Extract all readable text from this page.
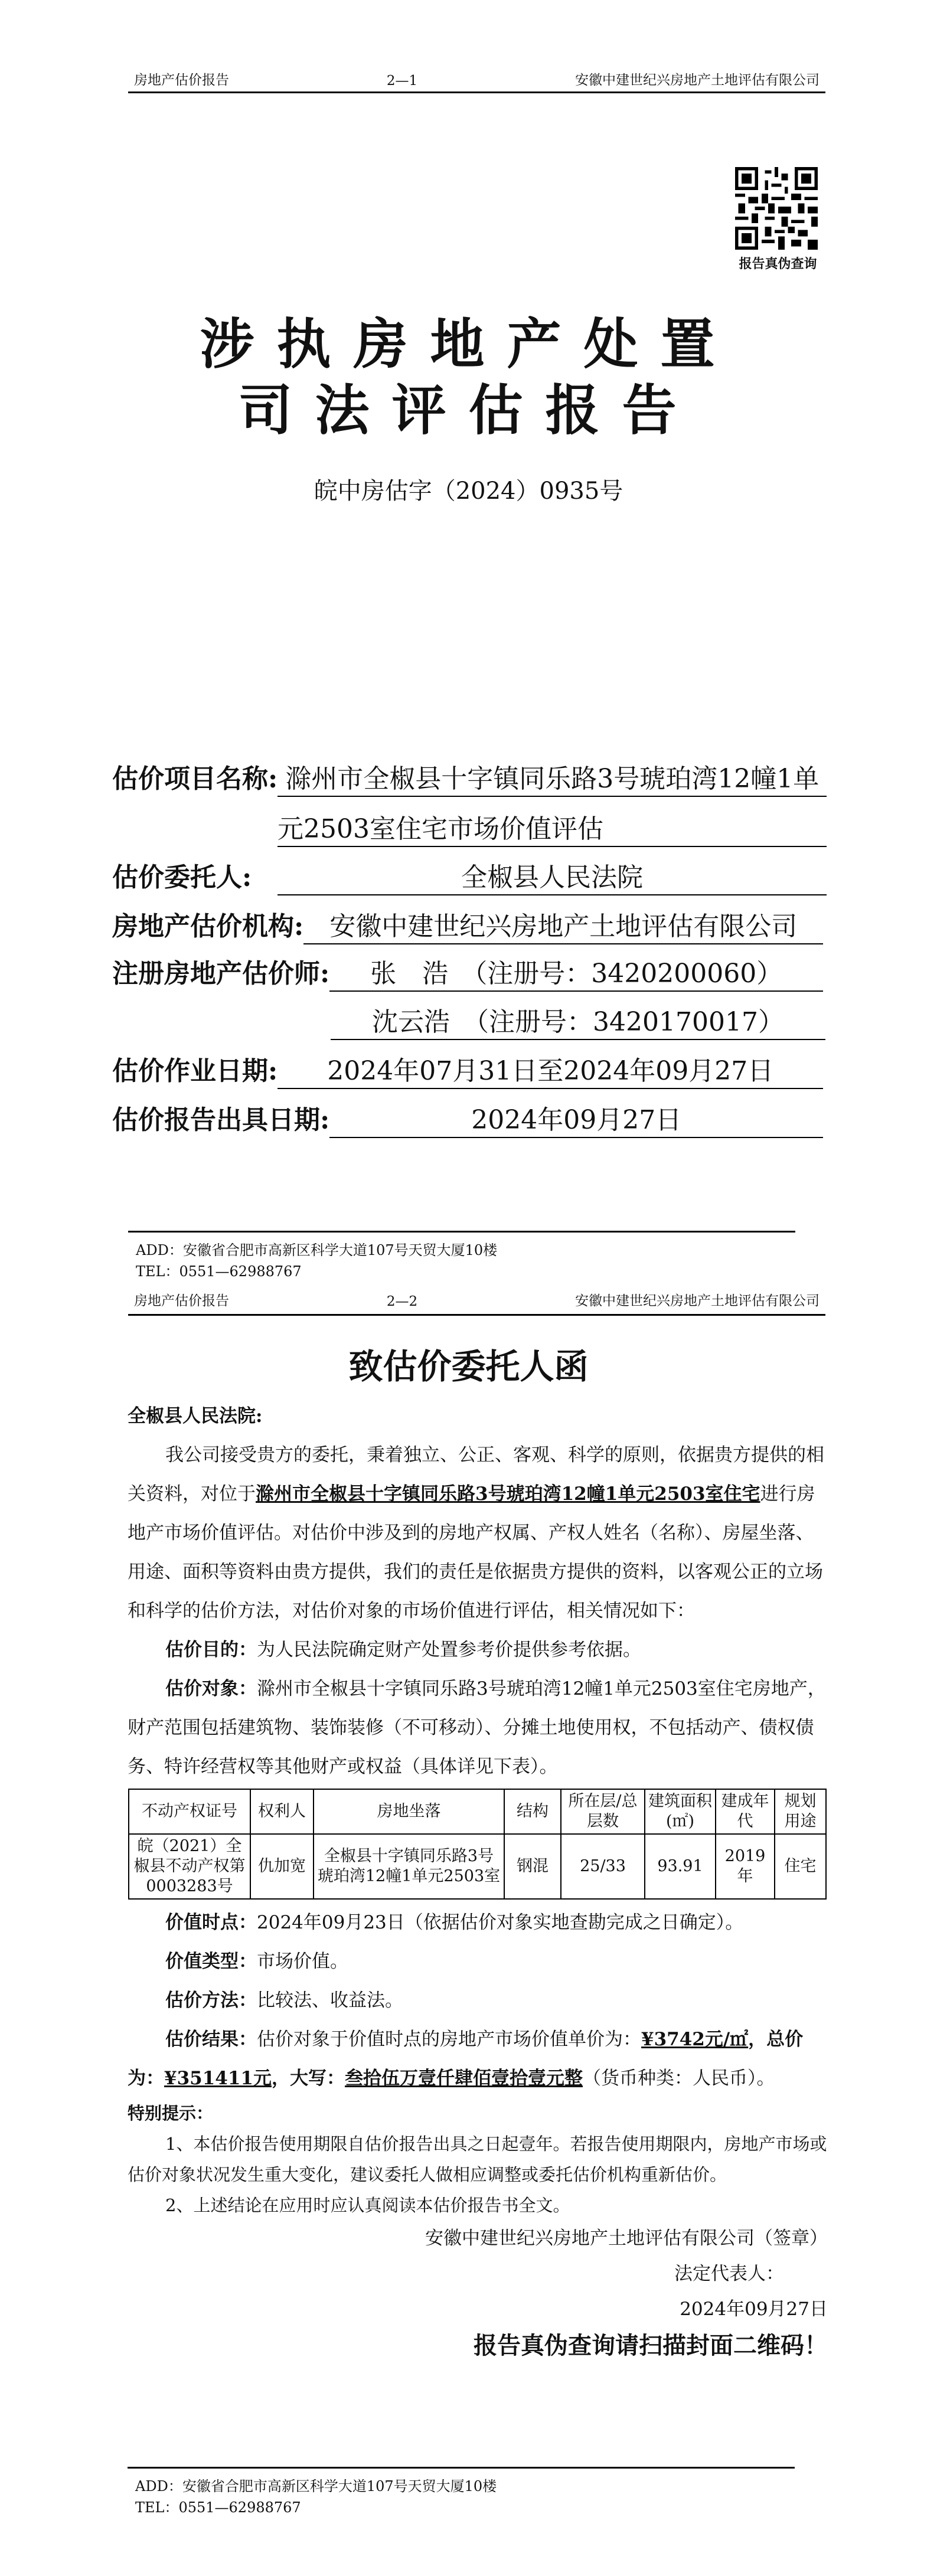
房地产估价报告	2—1	安徽中建世纪兴房地产土地评估有限公司
报告真伪查询
涉执房地产处置
司法评估报告
皖中房估字（2024）0935号
估价项目名称: 滁州市全椒县十字镇同乐路3号琥珀湾12幢1单
元2503室住宅市场价值评估
估价委托人:	全椒县人民法院
房地产估价机构:	安徽中建世纪兴房地产土地评估有限公司
注册房地产估价师:	张　浩　（注册号：3420200060）
沈云浩　（注册号：3420170017）
估价作业日期:	2024年07月31日至2024年09月27日
估价报告出具日期:	2024年09月27日
ADD：安徽省合肥市高新区科学大道107号天贸大厦10楼
TEL：0551—62988767
房地产估价报告	2—2	安徽中建世纪兴房地产土地评估有限公司
致估价委托人函
全椒县人民法院:
我公司接受贵方的委托，秉着独立、公正、客观、科学的原则，依据贵方提供的相关资料，对位于滁州市全椒县十字镇同乐路3号琥珀湾12幢1单元2503室住宅进行房地产市场价值评估。对估价中涉及到的房地产权属、产权人姓名（名称）、房屋坐落、用途、面积等资料由贵方提供，我们的责任是依据贵方提供的资料，以客观公正的立场和科学的估价方法，对估价对象的市场价值进行评估，相关情况如下：
估价目的：为人民法院确定财产处置参考价提供参考依据。
估价对象：滁州市全椒县十字镇同乐路3号琥珀湾12幢1单元2503室住宅房地产，财产范围包括建筑物、装饰装修（不可移动）、分摊土地使用权，不包括动产、债权债务、特许经营权等其他财产或权益（具体详见下表）。
不动产权证号	权利人	房地坐落	结构	所在层/总层数	建筑面积(㎡)	建成年代	规划用途
皖（2021）全椒县不动产权第0003283号	仇加宽	全椒县十字镇同乐路3号琥珀湾12幢1单元2503室	钢混	25/33	93.91	2019年	住宅
价值时点：2024年09月23日（依据估价对象实地查勘完成之日确定）。
价值类型：市场价值。
估价方法：比较法、收益法。
估价结果：估价对象于价值时点的房地产市场价值单价为：¥3742元/㎡，总价为：¥351411元，大写：叁拾伍万壹仟肆佰壹拾壹元整（货币种类：人民币）。
特别提示：
1、本估价报告使用期限自估价报告出具之日起壹年。若报告使用期限内，房地产市场或估价对象状况发生重大变化，建议委托人做相应调整或委托估价机构重新估价。
2、上述结论在应用时应认真阅读本估价报告书全文。
安徽中建世纪兴房地产土地评估有限公司（签章）
法定代表人：
2024年09月27日
报告真伪查询请扫描封面二维码！
ADD：安徽省合肥市高新区科学大道107号天贸大厦10楼
TEL：0551—62988767
